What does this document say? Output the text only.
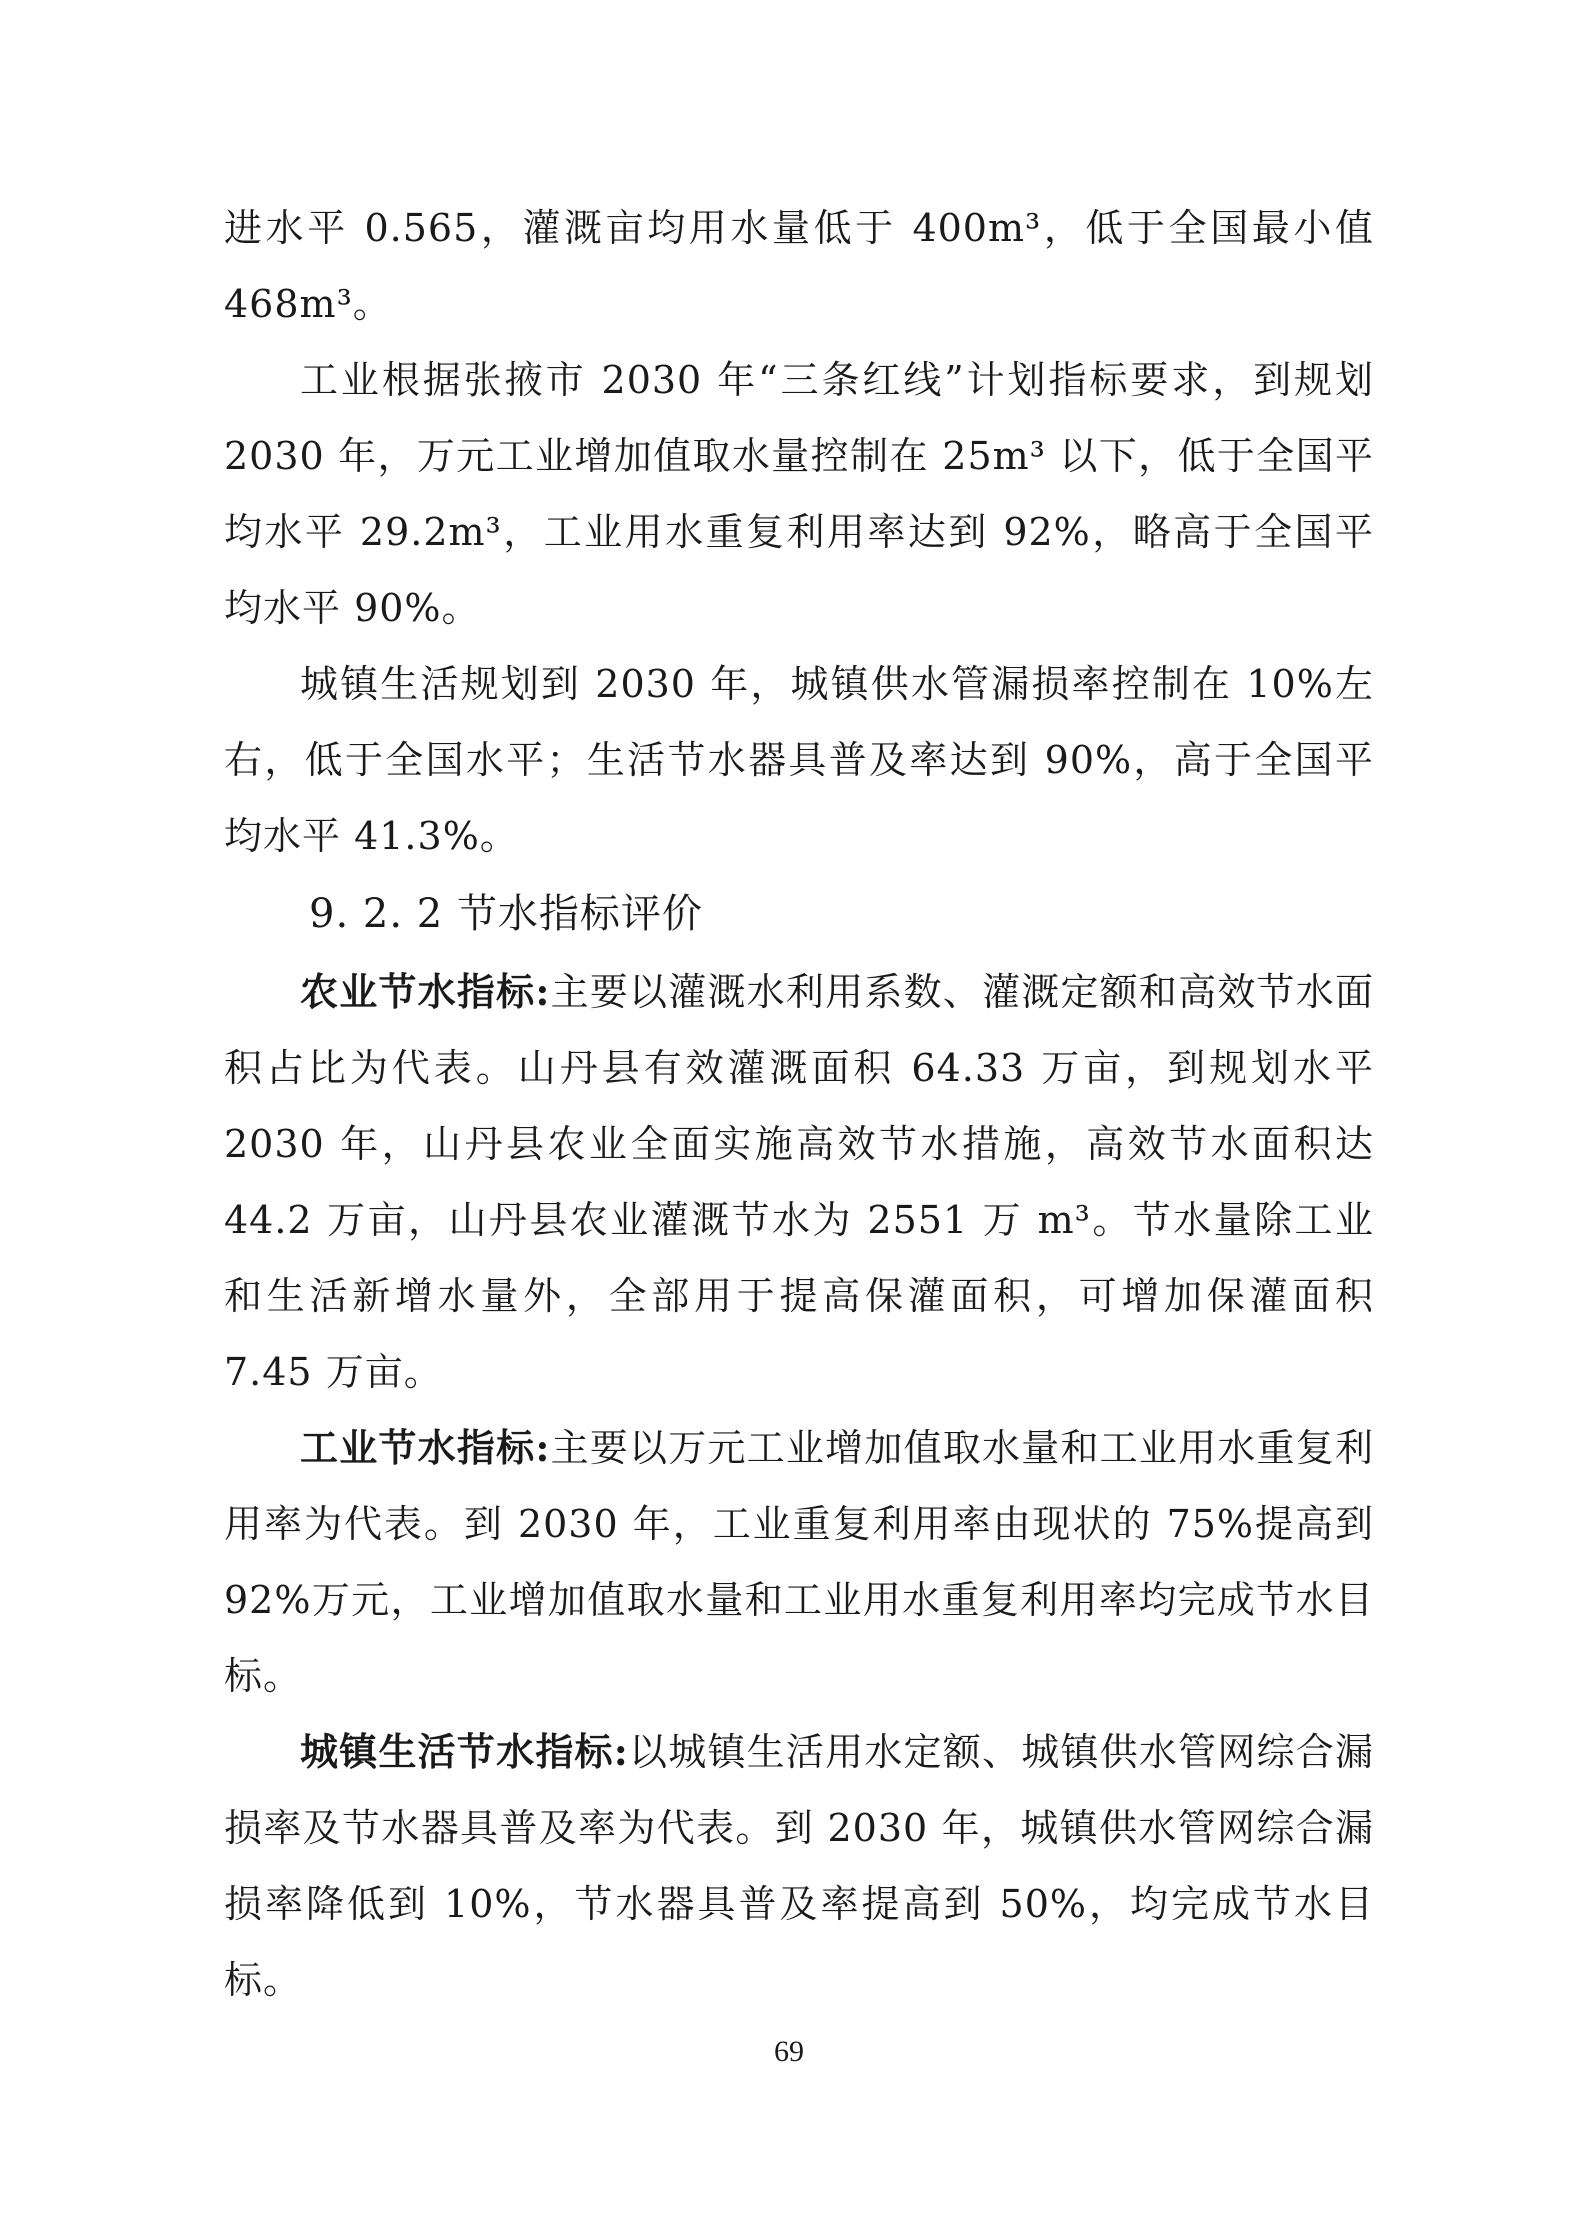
进水平 0.565，灌溉亩均用水量低于 400m³，低于全国最小值 468m³。

工业根据张掖市 2030 年“三条红线”计划指标要求，到规划 2030 年，万元工业增加值取水量控制在 25m³ 以下，低于全国平均水平 29.2m³，工业用水重复利用率达到 92%，略高于全国平均水平 90%。

城镇生活规划到 2030 年，城镇供水管漏损率控制在 10%左右，低于全国水平；生活节水器具普及率达到 90%，高于全国平均水平 41.3%。

9. 2. 2 节水指标评价

农业节水指标:主要以灌溉水利用系数、灌溉定额和高效节水面积占比为代表。山丹县有效灌溉面积 64.33 万亩，到规划水平 2030 年，山丹县农业全面实施高效节水措施，高效节水面积达 44.2 万亩，山丹县农业灌溉节水为 2551 万 m³。节水量除工业和生活新增水量外，全部用于提高保灌面积，可增加保灌面积 7.45 万亩。

工业节水指标:主要以万元工业增加值取水量和工业用水重复利用率为代表。到 2030 年，工业重复利用率由现状的 75%提高到 92%万元，工业增加值取水量和工业用水重复利用率均完成节水目标。

城镇生活节水指标:以城镇生活用水定额、城镇供水管网综合漏损率及节水器具普及率为代表。到 2030 年，城镇供水管网综合漏损率降低到 10%，节水器具普及率提高到 50%，均完成节水目标。

69
